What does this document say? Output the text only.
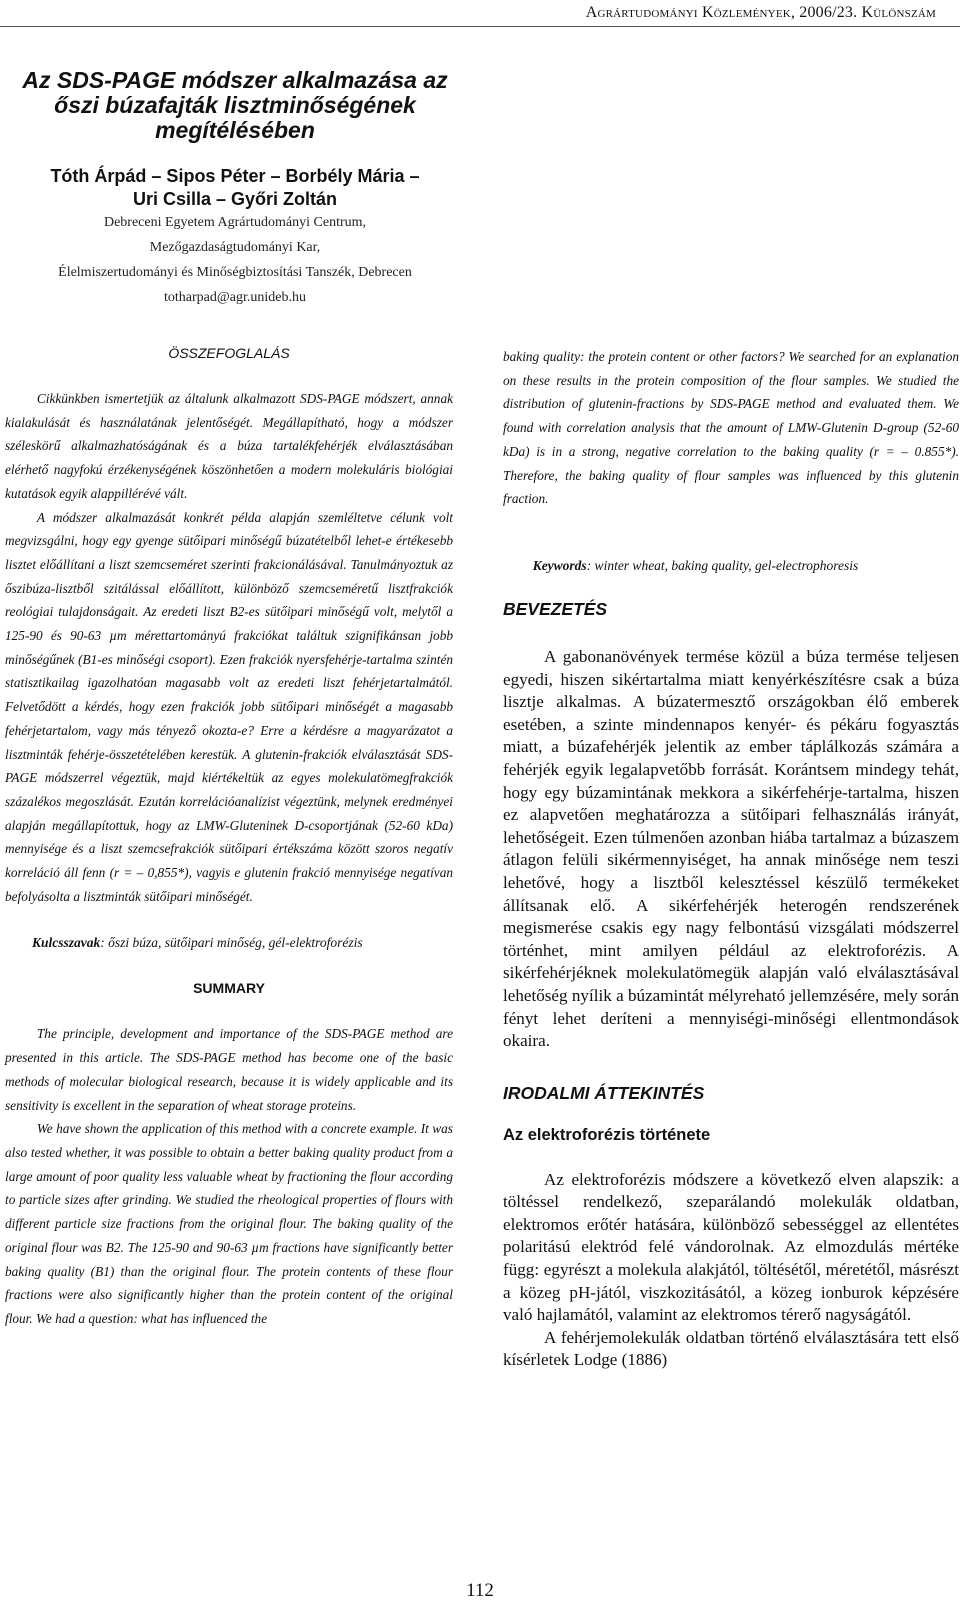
Agrártudományi Közlemények, 2006/23. Különszám
Az SDS-PAGE módszer alkalmazása az
őszi búzafajták lisztminőségének
megítélésében
Tóth Árpád – Sipos Péter – Borbély Mária –
Uri Csilla – Győri Zoltán
Debreceni Egyetem Agrártudományi Centrum,
Mezőgazdaságtudományi Kar,
Élelmiszertudományi és Minőségbiztosítási Tanszék, Debrecen
totharpad@agr.unideb.hu
ÖSSZEFOGLALÁS

Cikkünkben ismertetjük az általunk alkalmazott SDS-PAGE módszert, annak kialakulását és használatának jelentőségét. Megállapítható, hogy a módszer széleskörű alkalmazhatóságának és a búza tartalékfehérjék elválasztásában elérhető nagyfokú érzékenységének köszönhetően a modern molekuláris biológiai kutatások egyik alappillérévé vált.

A módszer alkalmazását konkrét példa alapján szemléltetve célunk volt megvizsgálni, hogy egy gyenge sütőipari minőségű búzatételből lehet-e értékesebb lisztet előállítani a liszt szemcseméret szerinti frakcionálásával. Tanulmányoztuk az őszibúza-lisztből szitálással előállított, különböző szemcseméretű lisztfrakciók reológiai tulajdonságait. Az eredeti liszt B2-es sütőipari minőségű volt, melytől a 125-90 és 90-63 µm mérettartományú frakciókat találtuk szignifikánsan jobb minőségűnek (B1-es minőségi csoport). Ezen frakciók nyersfehérje-tartalma szintén statisztikailag igazolhatóan magasabb volt az eredeti liszt fehérjetartalmától. Felvetődött a kérdés, hogy ezen frakciók jobb sütőipari minőségét a magasabb fehérjetartalom, vagy más tényező okozta-e? Erre a kérdésre a magyarázatot a lisztminták fehérje-összetételében kerestük. A glutenin-frakciók elválasztását SDS-PAGE módszerrel végeztük, majd kiértékeltük az egyes molekulatömegfrakciók százalékos megoszlását. Ezután korrelációanalízist végeztünk, melynek eredményei alapján megállapítottuk, hogy az LMW-Gluteninek D-csoportjának (52-60 kDa) mennyisége és a liszt szemcsefrakciók sütőipari értékszáma között szoros negatív korreláció áll fenn (r = – 0,855*), vagyis e glutenin frakció mennyisége negatívan befolyásolta a lisztminták sütőipari minőségét.

Kulcsszavak: őszi búza, sütőipari minőség, gél-elektroforézis

SUMMARY

The principle, development and importance of the SDS-PAGE method are presented in this article. The SDS-PAGE method has become one of the basic methods of molecular biological research, because it is widely applicable and its sensitivity is excellent in the separation of wheat storage proteins.

We have shown the application of this method with a concrete example. It was also tested whether, it was possible to obtain a better baking quality product from a large amount of poor quality less valuable wheat by fractioning the flour according to particle sizes after grinding. We studied the rheological properties of flours with different particle size fractions from the original flour. The baking quality of the original flour was B2. The 125-90 and 90-63 µm fractions have significantly better baking quality (B1) than the original flour. The protein contents of these flour fractions were also significantly higher than the protein content of the original flour. We had a question: what has influenced the

baking quality: the protein content or other factors? We searched for an explanation on these results in the protein composition of the flour samples. We studied the distribution of glutenin-fractions by SDS-PAGE method and evaluated them. We found with correlation analysis that the amount of LMW-Glutenin D-group (52-60 kDa) is in a strong, negative correlation to the baking quality (r = – 0.855*). Therefore, the baking quality of flour samples was influenced by this glutenin fraction.

Keywords: winter wheat, baking quality, gel-electrophoresis

BEVEZETÉS

A gabonanövények termése közül a búza termése teljesen egyedi, hiszen sikértartalma miatt kenyérkészítésre csak a búza lisztje alkalmas. A búzatermesztő országokban élő emberek esetében, a szinte mindennapos kenyér- és pékáru fogyasztás miatt, a búzafehérjék jelentik az ember táplálkozás számára a fehérjék egyik legalapvetőbb forrását. Korántsem mindegy tehát, hogy egy búzamintának mekkora a sikérfehérje-tartalma, hiszen ez alapvetően meghatározza a sütőipari felhasználás irányát, lehetőségeit. Ezen túlmenően azonban hiába tartalmaz a búzaszem átlagon felüli sikérmennyiséget, ha annak minősége nem teszi lehetővé, hogy a lisztből kelesztéssel készülő termékeket állítsanak elő. A sikérfehérjék heterogén rendszerének megismerése csakis egy nagy felbontású vizsgálati módszerrel történhet, mint amilyen például az elektroforézis. A sikérfehérjéknek molekulatömegük alapján való elválasztásával lehetőség nyílik a búzamintát mélyreható jellemzésére, mely során fényt lehet deríteni a mennyiségi-minőségi ellentmondások okaira.

IRODALMI ÁTTEKINTÉS

Az elektroforézis története

Az elektroforézis módszere a következő elven alapszik: a töltéssel rendelkező, szeparálandó molekulák oldatban, elektromos erőtér hatására, különböző sebességgel az ellentétes polaritású elektród felé vándorolnak. Az elmozdulás mértéke függ: egyrészt a molekula alakjától, töltésétől, méretétől, másrészt a közeg pH-jától, viszkozitásától, a közeg ionburok képzésére való hajlamától, valamint az elektromos térerő nagyságától.

A fehérjemolekulák oldatban történő elválasztására tett első kísérletek Lodge (1886)

112
